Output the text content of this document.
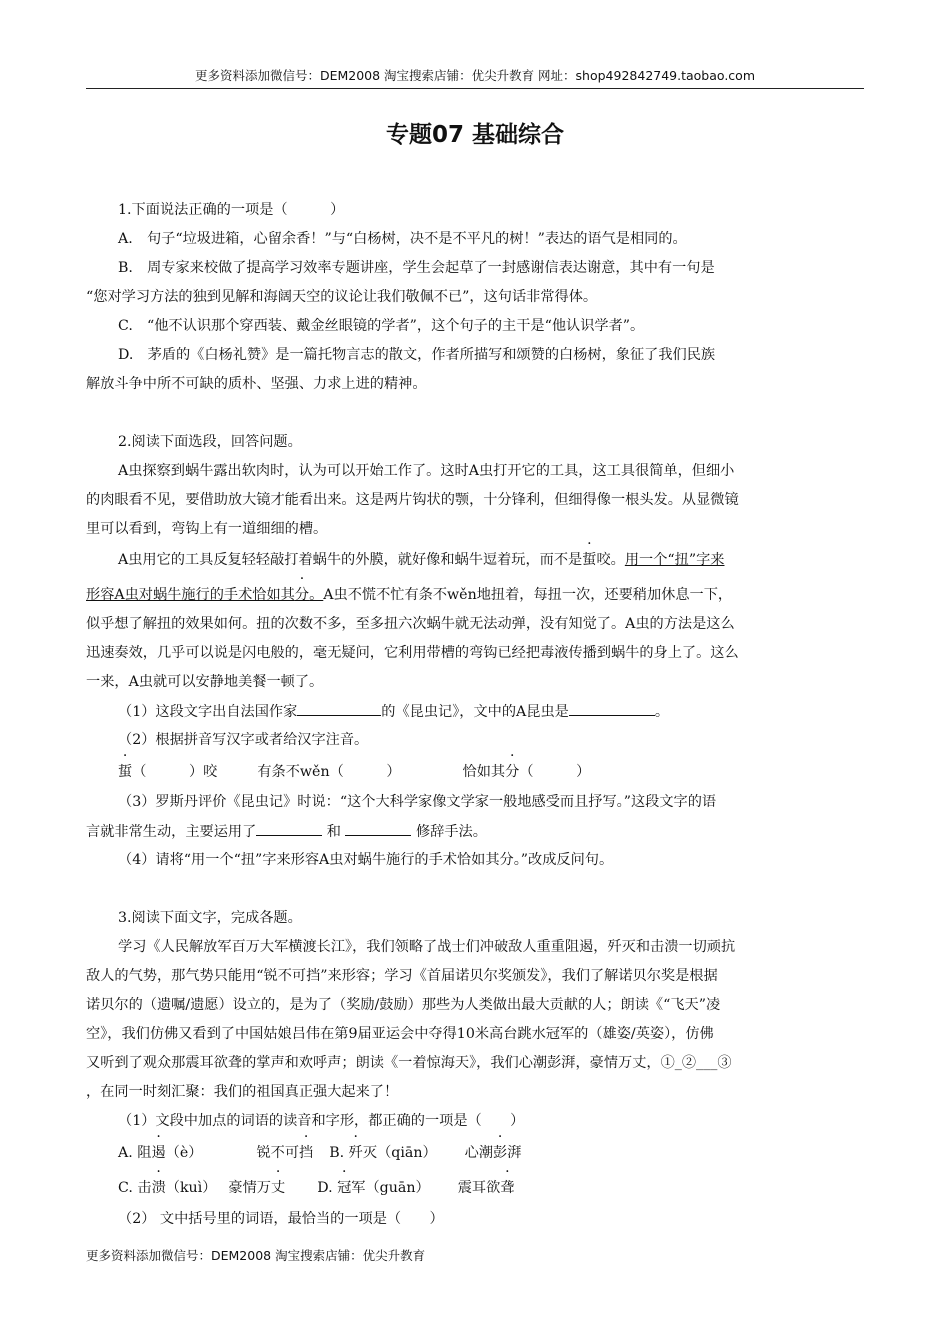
更多资料添加微信号：DEM2008 淘宝搜索店铺：优尖升教育 网址：shop492842749.taobao.com
专题07 基础综合
1.下面说法正确的一项是（　　　）
A.　句子“垃圾进箱，心留余香！”与“白杨树，决不是不平凡的树！”表达的语气是相同的。
B.　周专家来校做了提高学习效率专题讲座，学生会起草了一封感谢信表达谢意，其中有一句是
“您对学习方法的独到见解和海阔天空的议论让我们敬佩不已”，这句话非常得体。
C.　“他不认识那个穿西装、戴金丝眼镜的学者”，这个句子的主干是“他认识学者”。
D.　茅盾的《白杨礼赞》是一篇托物言志的散文，作者所描写和颂赞的白杨树，象征了我们民族
解放斗争中所不可缺的质朴、坚强、力求上进的精神。
2.阅读下面选段，回答问题。
A虫探察到蜗牛露出软肉时，认为可以开始工作了。这时A虫打开它的工具，这工具很简单，但细小
的肉眼看不见，要借助放大镜才能看出来。这是两片钩状的颚，十分锋利，但细得像一根头发。从显微镜
里可以看到，弯钩上有一道细细的槽。
A虫用它的工具反复轻轻敲打着蜗牛的外膜，就好像和蜗牛逗着玩，而不是蜇咬。用一个“扭”字来
形容A虫对蜗牛施行的手术恰如其分。A虫不慌不忙有条不wěn地扭着，每扭一次，还要稍加休息一下，
似乎想了解扭的效果如何。扭的次数不多，至多扭六次蜗牛就无法动弹，没有知觉了。A虫的方法是这么
迅速奏效，几乎可以说是闪电般的，毫无疑问，它利用带槽的弯钩已经把毒液传播到蜗牛的身上了。这么
一来，A虫就可以安静地美餐一顿了。
（1）这段文字出自法国作家	的《昆虫记》，文中的A昆虫是	。
（2）根据拼音写汉字或者给汉字注音。
蜇（　　　）咬	有条不wěn（　　　）	恰如其分（　　　）
（3）罗斯丹评价《昆虫记》时说：“这个大科学家像文学家一般地感受而且抒写。”这段文字的语
言就非常生动，主要运用了	和	修辞手法。
（4）请将“用一个“扭”字来形容A虫对蜗牛施行的手术恰如其分。”改成反问句。
3.阅读下面文字，完成各题。
学习《人民解放军百万大军横渡长江》，我们领略了战士们冲破敌人重重阻遏，歼灭和击溃一切顽抗
敌人的气势，那气势只能用“锐不可挡”来形容；学习《首届诺贝尔奖颁发》，我们了解诺贝尔奖是根据
诺贝尔的（遗嘱/遗愿）设立的，是为了（奖励/鼓励）那些为人类做出最大贡献的人；朗读《“飞天”凌
空》，我们仿佛又看到了中国姑娘吕伟在第9届亚运会中夺得10米高台跳水冠军的（雄姿/英姿），仿佛
又听到了观众那震耳欲聋的掌声和欢呼声；朗读《一着惊海天》，我们心潮彭湃，豪情万丈，①_②___③
，在同一时刻汇聚：我们的祖国真正强大起来了！
（1）文段中加点的词语的读音和字形，都正确的一项是（　　）
A. 阻遏（è）	锐不可挡 B. 歼灭（qiān） 心潮彭湃
C. 击溃（kuì） 豪情万丈 D. 冠军（guān） 震耳欲聋
（2） 文中括号里的词语，最恰当的一项是（　　）
更多资料添加微信号：DEM2008 淘宝搜索店铺：优尖升教育
